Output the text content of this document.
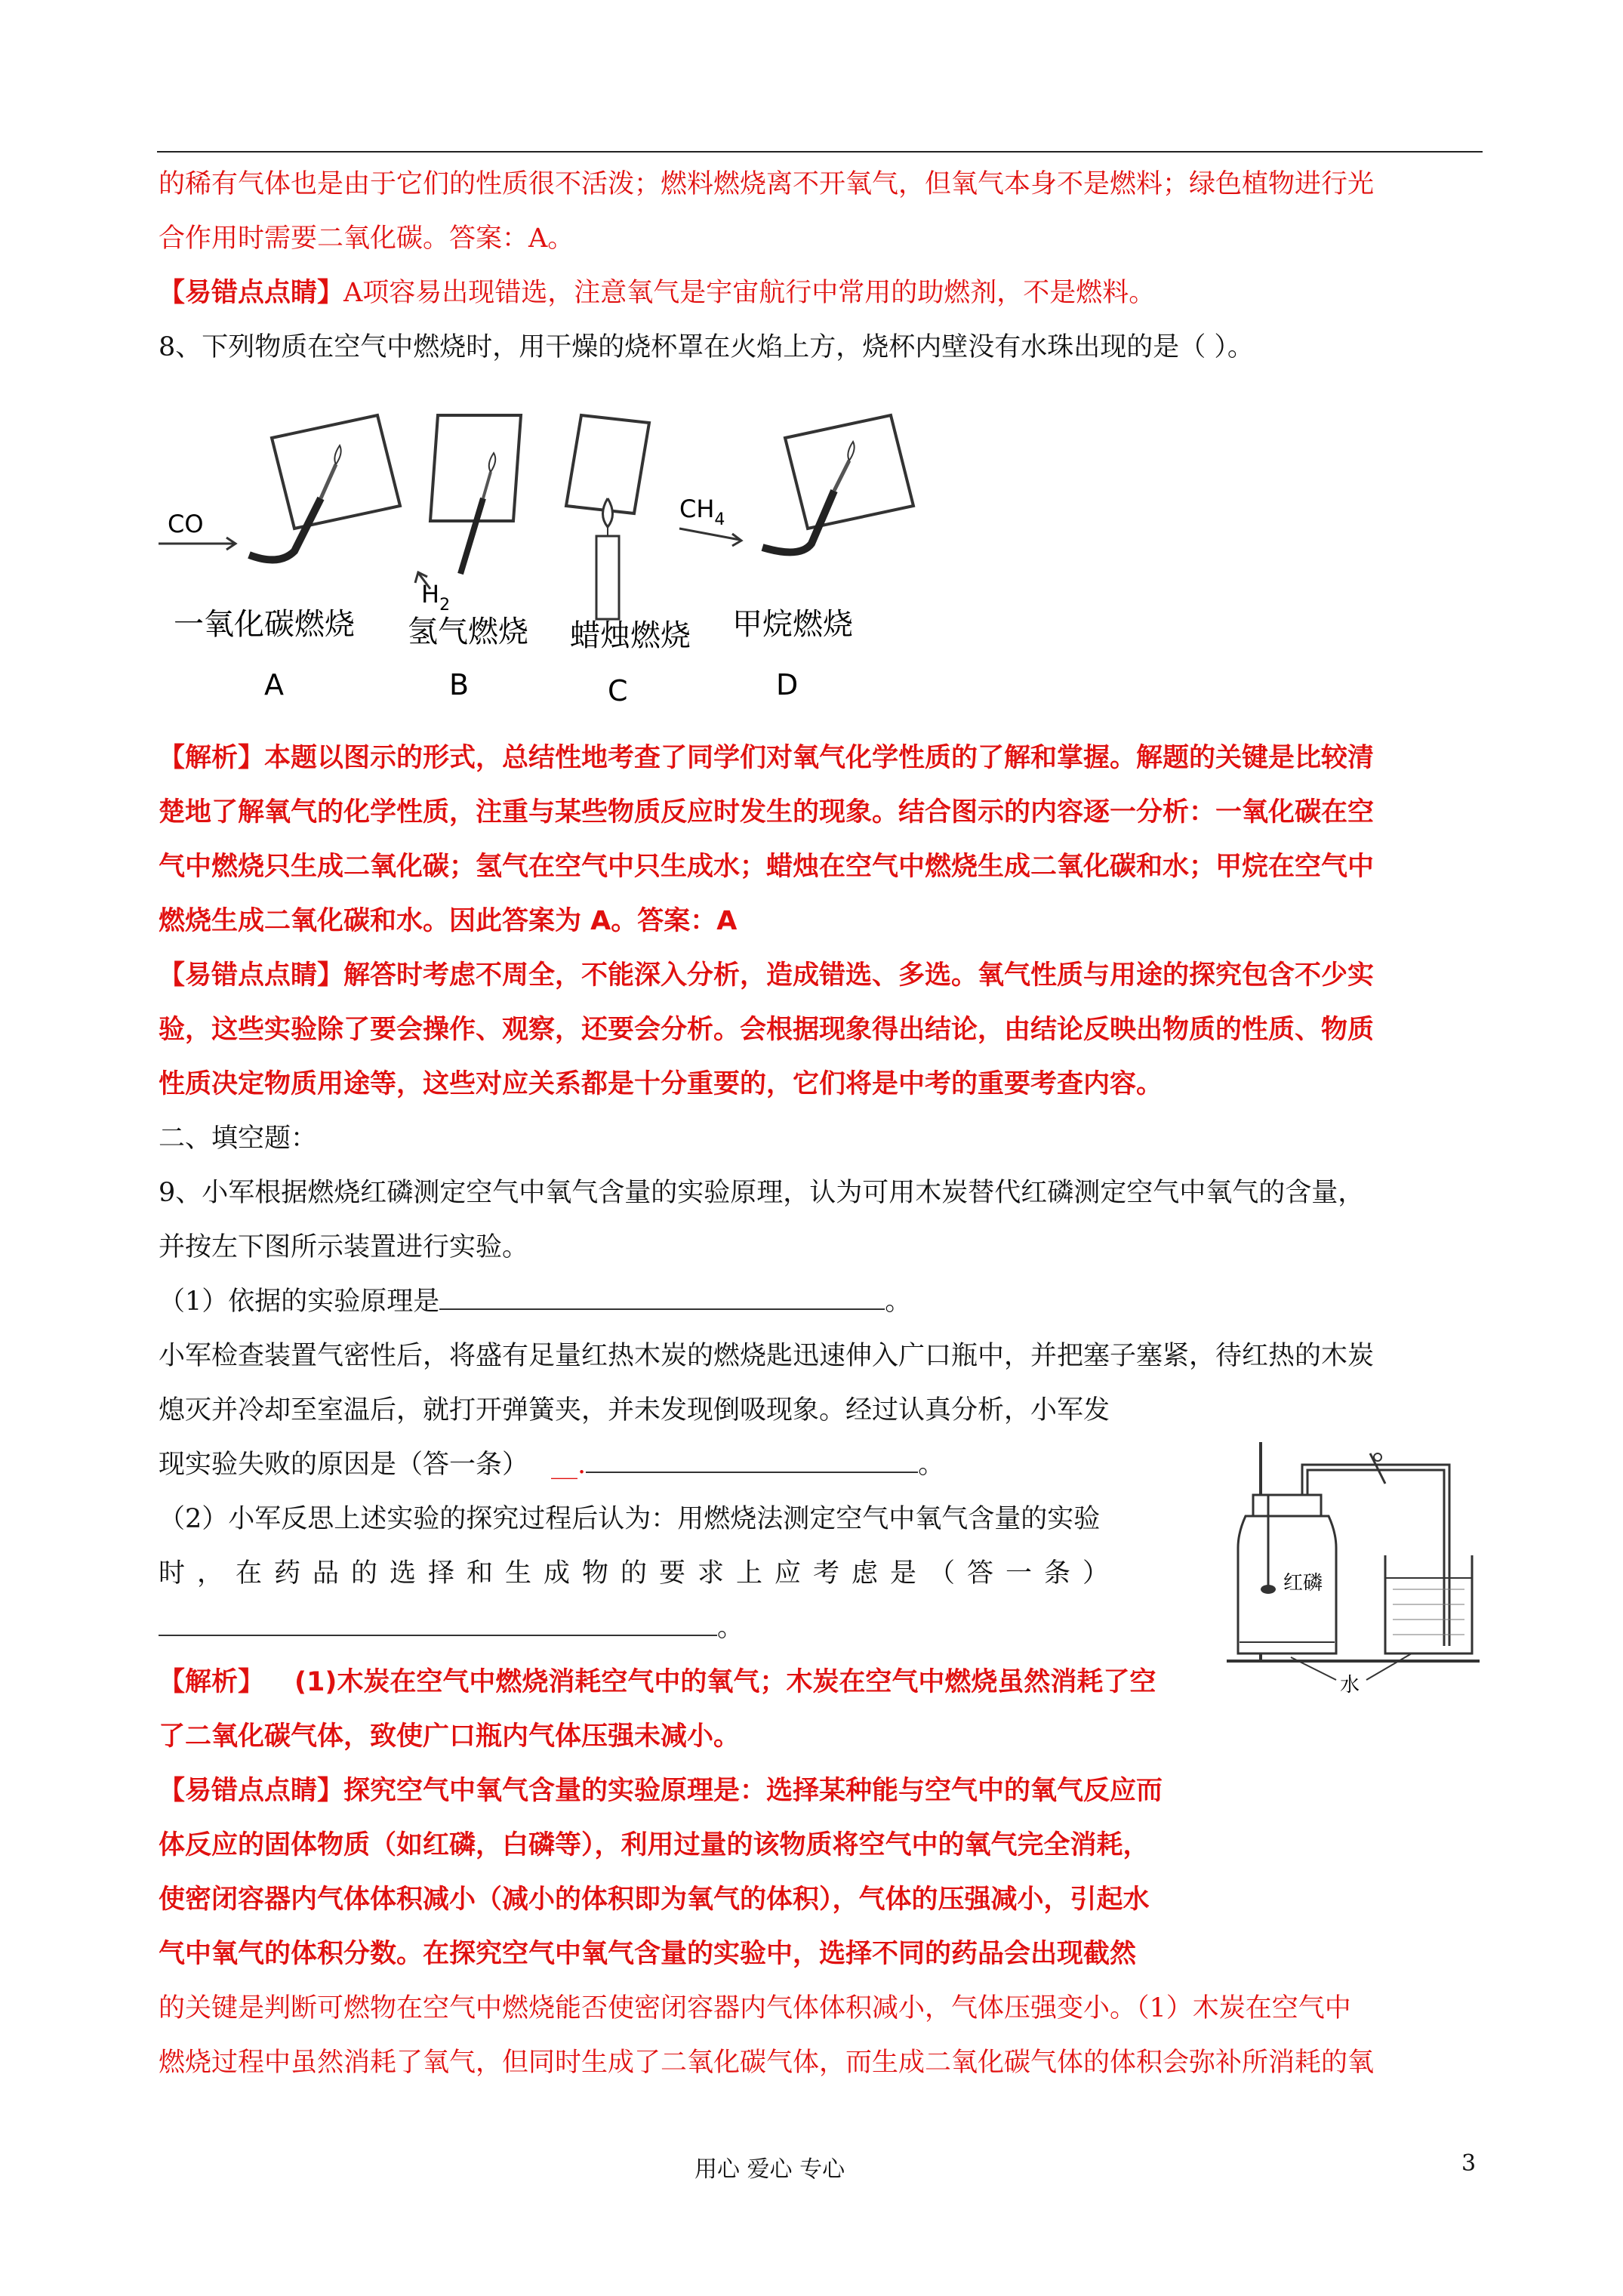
的稀有气体也是由于它们的性质很不活泼；燃料燃烧离不开氧气，但氧气本身不是燃料；绿色植物进行光
合作用时需要二氧化碳。答案：A。
【易错点点睛】A项容易出现错选，注意氧气是宇宙航行中常用的助燃剂，不是燃料。
8、下列物质在空气中燃烧时，用干燥的烧杯罩在火焰上方，烧杯内壁没有水珠出现的是（ ）。
CO
一氧化碳燃烧
A
$H_2$
氢气燃烧
B
蜡烛燃烧
C
$CH_4$
甲烷燃烧
D
【解析】本题以图示的形式，总结性地考查了同学们对氧气化学性质的了解和掌握。解题的关键是比较清
楚地了解氧气的化学性质，注重与某些物质反应时发生的现象。结合图示的内容逐一分析：一氧化碳在空
气中燃烧只生成二氧化碳；氢气在空气中只生成水；蜡烛在空气中燃烧生成二氧化碳和水；甲烷在空气中
燃烧生成二氧化碳和水。因此答案为 A。答案：A
【易错点点睛】解答时考虑不周全，不能深入分析，造成错选、多选。氧气性质与用途的探究包含不少实
验，这些实验除了要会操作、观察，还要会分析。会根据现象得出结论，由结论反映出物质的性质、物质
性质决定物质用途等，这些对应关系都是十分重要的，它们将是中考的重要考查内容。
二、填空题：
9、小军根据燃烧红磷测定空气中氧气含量的实验原理，认为可用木炭替代红磷测定空气中氧气的含量，
并按左下图所示装置进行实验。
（1）依据的实验原理是	。
小军检查装置气密性后，将盛有足量红热木炭的燃烧匙迅速伸入广口瓶中，并把塞子塞紧，待红热的木炭
熄灭并冷却至室温后，就打开弹簧夹，并未发现倒吸现象。经过认真分析，小军发
现实验失败的原因是（答一条） __.	。
（2）小军反思上述实验的探究过程后认为：用燃烧法测定空气中氧气含量的实验
时，在药品的选择和生成物的要求上应考虑是（答一条）
。
红磷
水
【解析】 (1)木炭在空气中燃烧消耗空气中的氧气；木炭在空气中燃烧虽然消耗了空
了二氧化碳气体，致使广口瓶内气体压强未减小。
【易错点点睛】探究空气中氧气含量的实验原理是：选择某种能与空气中的氧气反应而
体反应的固体物质（如红磷，白磷等），利用过量的该物质将空气中的氧气完全消耗，
使密闭容器内气体体积减小（减小的体积即为氧气的体积），气体的压强减小，引起水
气中氧气的体积分数。在探究空气中氧气含量的实验中，选择不同的药品会出现截然
的关键是判断可燃物在空气中燃烧能否使密闭容器内气体体积减小，气体压强变小。（1）木炭在空气中
燃烧过程中虽然消耗了氧气，但同时生成了二氧化碳气体，而生成二氧化碳气体的体积会弥补所消耗的氧
用心 爱心 专心	3
